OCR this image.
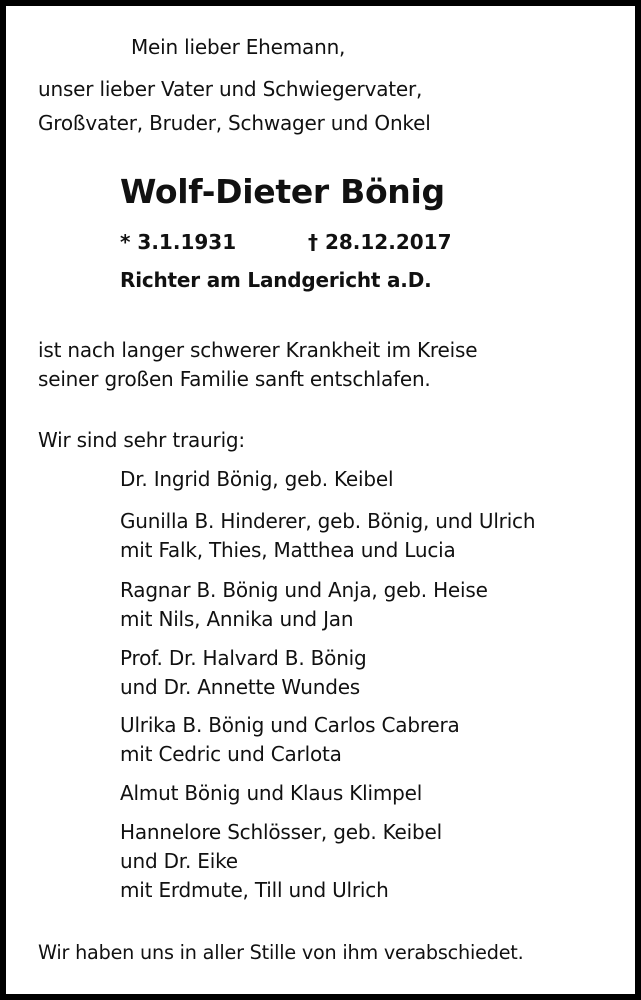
Mein lieber Ehemann,
unser lieber Vater und Schwiegervater,
Großvater, Bruder, Schwager und Onkel
Wolf-Dieter Bönig
* 3.1.1931	† 28.12.2017
Richter am Landgericht a.D.
ist nach langer schwerer Krankheit im Kreise
seiner großen Familie sanft entschlafen.
Wir sind sehr traurig:
Dr. Ingrid Bönig, geb. Keibel
Gunilla B. Hinderer, geb. Bönig, und Ulrich
mit Falk, Thies, Matthea und Lucia
Ragnar B. Bönig und Anja, geb. Heise
mit Nils, Annika und Jan
Prof. Dr. Halvard B. Bönig
und Dr. Annette Wundes
Ulrika B. Bönig und Carlos Cabrera
mit Cedric und Carlota
Almut Bönig und Klaus Klimpel
Hannelore Schlösser, geb. Keibel
und Dr. Eike
mit Erdmute, Till und Ulrich
Wir haben uns in aller Stille von ihm verabschiedet.
